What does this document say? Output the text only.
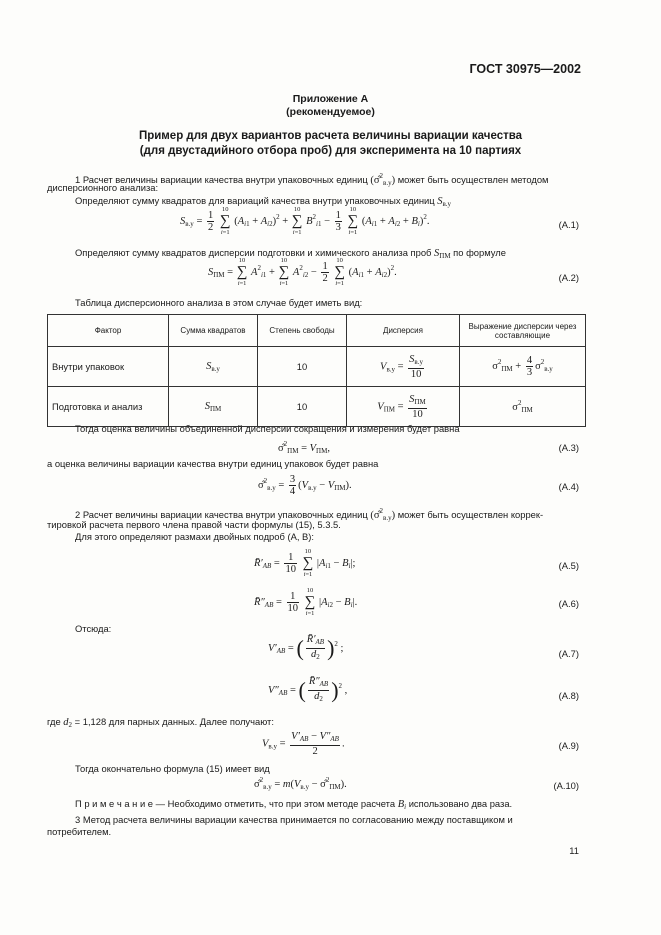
ГОСТ 30975—2002
Приложение А
(рекомендуемое)
Пример для двух вариантов расчета величины вариации качества
(для двустадийного отбора проб) для эксперимента на 10 партиях
1 Расчет величины вариации качества внутри упаковочных единиц (σ̂$^2_{в.у}$) может быть осуществлен методом
дисперсионного анализа:
Определяют сумму квадратов для вариаций качества внутри упаковочных единиц $S_{в.у}$
$S_{в.у} = \frac{1}{2}$

10
∑
i=1
$(A_{i1} + A_{i2})^2$ +
10
∑
i=1
$B^2_{i1} - \frac{1}{3}$

10
∑
i=1
$(A_{i1} + A_{i2} + B_i)^2$.	(А.1)
Определяют сумму квадратов дисперсии подготовки и химического анализа проб $S_{ПМ}$ по формуле
$S_{ПМ}$ =
10
∑
i=1
$A^2_{i1}$ +
10
∑
i=1
$A^2_{i2} - \frac{1}{2}$

10
∑
i=1
$(A_{i1} + A_{i2})^2$.	(А.2)
Таблица дисперсионного анализа в этом случае будет иметь вид:
Фактор	Сумма квадратов	Степень свободы	Дисперсия	Выражение дисперсии через составляющие
Внутри упаковок	$S_{в.у}$	10	$V_{в.у} = \frac{S_{в.у}}{10}$	$\sigma^2_{ПМ} + \frac{4}{3} \sigma^2_{в.у}$
Подготовка и анализ	$S_{ПМ}$	10	$V_{ПМ} = \frac{S_{ПМ}}{10}$	$\sigma^2_{ПМ}$
Тогда оценка величины объединенной дисперсии сокращения и измерения будет равна
σ̂$^2_{ПМ}$ = $V_{ПМ}$,	(А.3)
а оценка величины вариации качества внутри единиц упаковок будет равна
σ̂$^2_{в.у}$ = $\frac{3}{4} (V_{в.у} - V_{ПМ})$.	(А.4)
2 Расчет величины вариации качества внутри упаковочных единиц (σ̂$^2_{в.у}$) может быть осуществлен коррек-
тировкой расчета первого члена правой части формулы (15), 5.3.5.
Для этого определяют размахи двойных подроб (A, B):
$R̄'_{AB} = \frac{1}{10}$

10
∑
i=1
$|A_{i1} - B_i|$;	(А.5)
$R̄''_{AB} = \frac{1}{10}$

10
∑
i=1
$|A_{i2} - B_i|$.	(А.6)
Отсюда:
$V'_{AB}$ = ( $\frac{R̄'_{AB}}{d_2} )^2$ ;	(А.7)
$V''_{AB}$ = ( $\frac{R̄''_{AB}}{d_2} )^2$ ,	(А.8)
где $d_2 = 1,128$ для парных данных. Далее получают:
$V_{в.у} = \frac{V'_{AB} - V''_{AB}}{2}$ .	(А.9)
Тогда окончательно формула (15) имеет вид
σ̂$^2_{в.у}$ = $m(V_{в.у}$ − σ̂$^2_{ПМ}$).	(А.10)
П р и м е ч а н и е — Необходимо отметить, что при этом методе расчета $B_i$ использовано два раза.
3 Метод расчета величины вариации качества принимается по согласованию между поставщиком и
потребителем.
11
